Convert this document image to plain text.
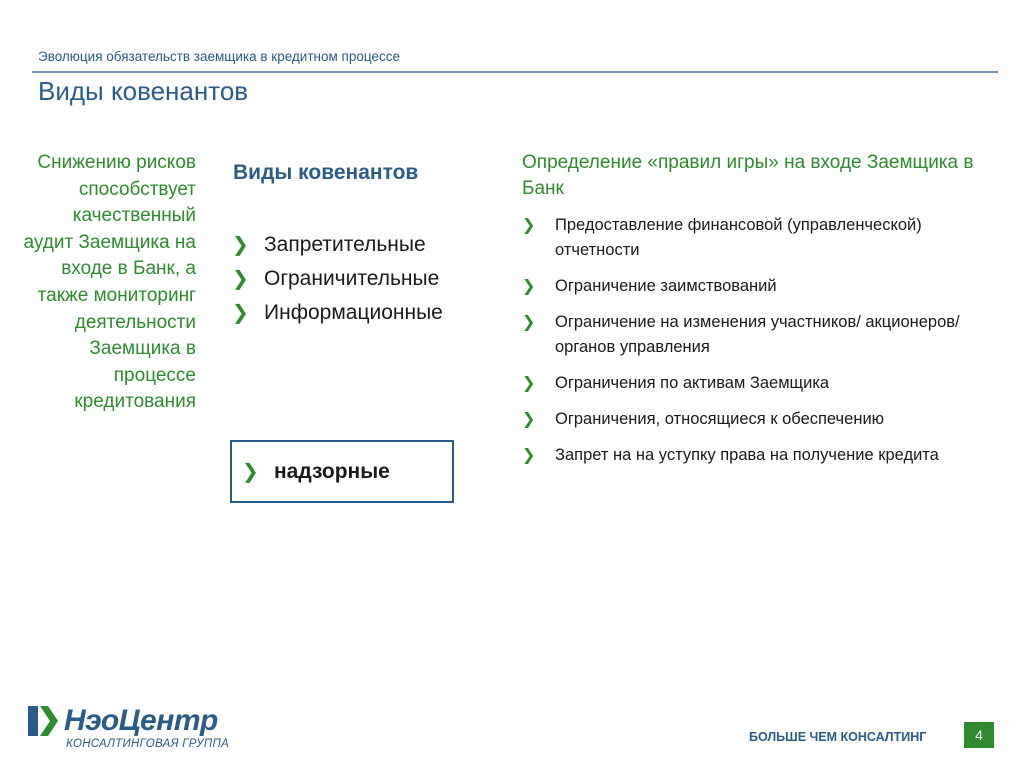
Эволюция обязательств заемщика в кредитном процессе
Виды ковенантов
Снижению рисков способствует качественный аудит Заемщика на входе в Банк, а также мониторинг деятельности Заемщика в процессе кредитования
Виды ковенантов
❯ Запретительные
❯ Ограничительные
❯ Информационные
❯ надзорные
Определение «правил игры» на входе Заемщика в Банк
❯	Предоставление финансовой (управленческой) отчетности
❯	Ограничение заимствований
❯	Ограничение на изменения участников/ акционеров/органов управления
❯	Ограничения по активам Заемщика
❯	Ограничения, относящиеся к обеспечению
❯	Запрет на на уступку права на получение кредита
НэоЦентр
КОНСАЛТИНГОВАЯ ГРУППА	БОЛЬШЕ ЧЕМ КОНСАЛТИНГ	4
